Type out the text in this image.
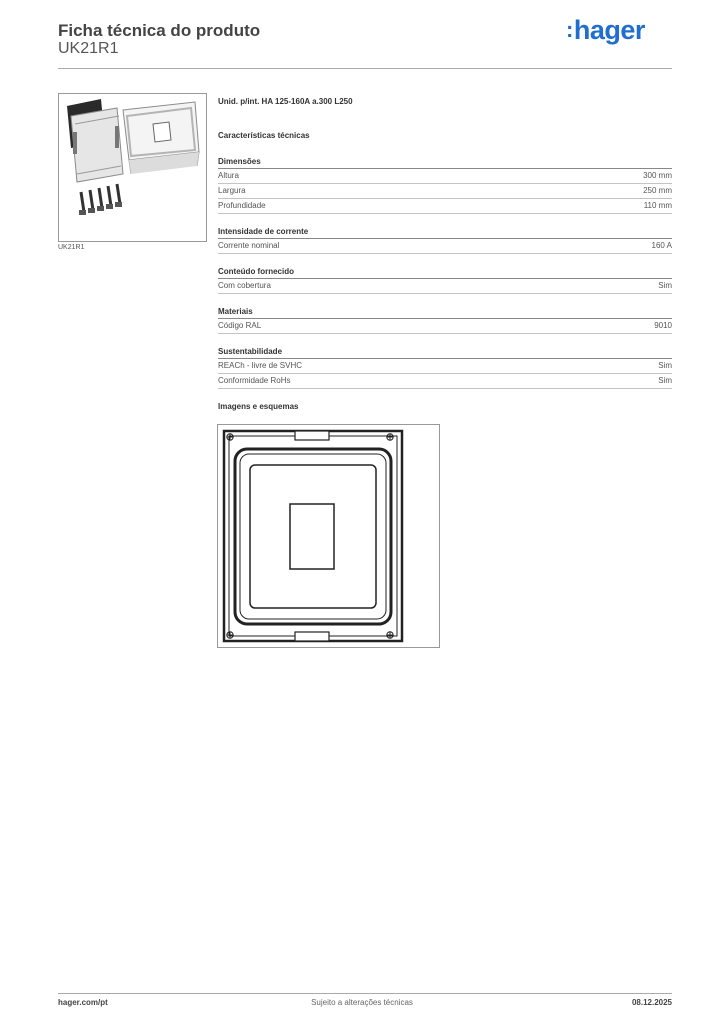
Ficha técnica do produto
UK21R1
:hager
UK21R1
Unid. p/int. HA 125-160A a.300 L250
Características técnicas
Dimensões
Altura	300 mm
Largura	250 mm
Profundidade	110 mm
Intensidade de corrente
Corrente nominal	160 A
Conteúdo fornecido
Com cobertura	Sim
Materiais
Código RAL	9010
Sustentabilidade
REACh - livre de SVHC	Sim
Conformidade RoHs	Sim
Imagens e esquemas
hager.com/pt	Sujeito a alterações técnicas	08.12.2025
